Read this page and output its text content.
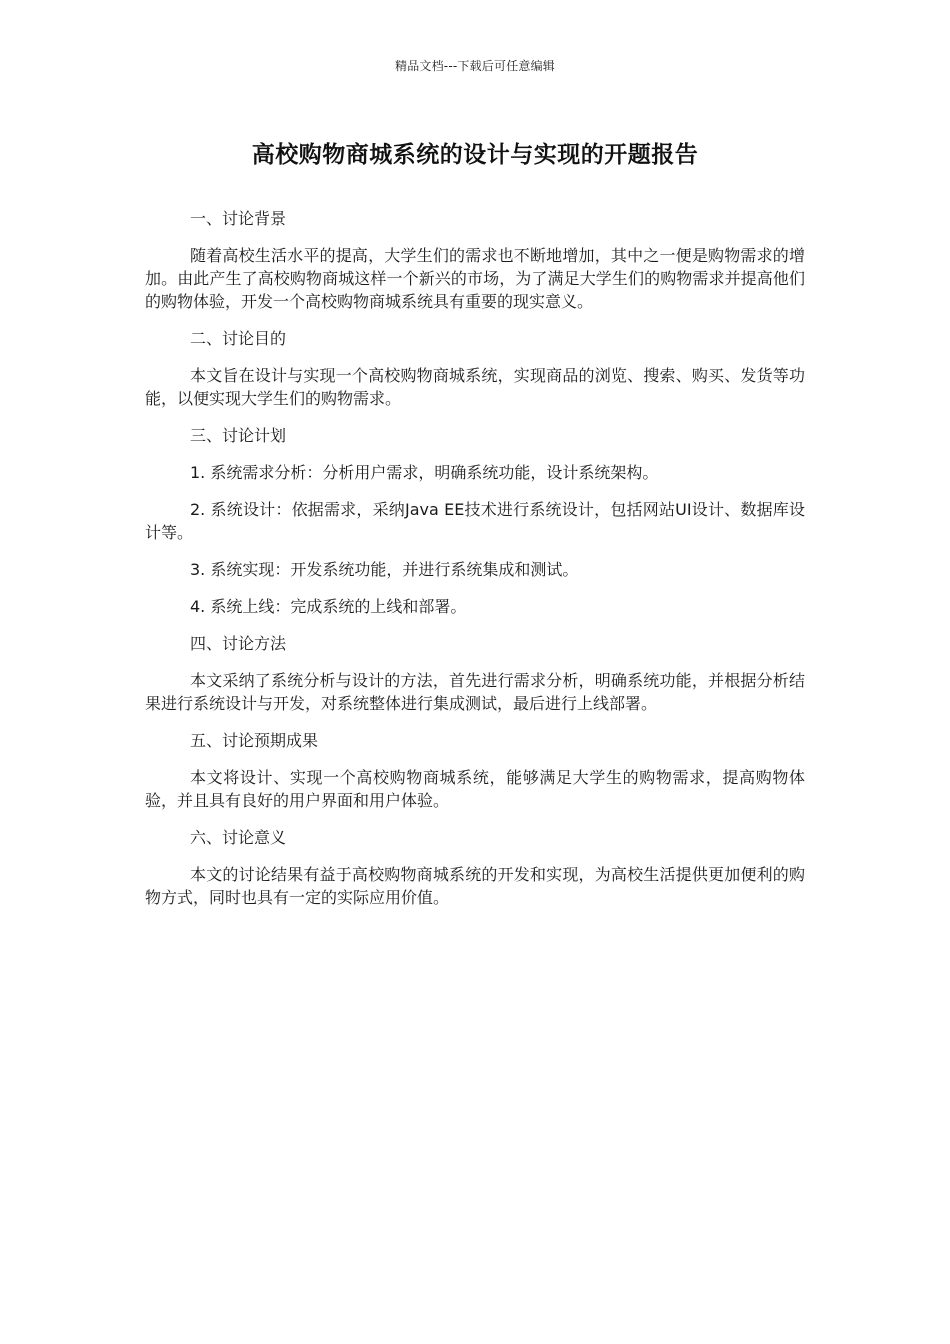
精品文档---下载后可任意编辑
高校购物商城系统的设计与实现的开题报告

一、讨论背景

随着高校生活水平的提高，大学生们的需求也不断地增加，其中之一便是购物需求的增加。由此产生了高校购物商城这样一个新兴的市场，为了满足大学生们的购物需求并提高他们的购物体验，开发一个高校购物商城系统具有重要的现实意义。

二、讨论目的

本文旨在设计与实现一个高校购物商城系统，实现商品的浏览、搜索、购买、发货等功能，以便实现大学生们的购物需求。

三、讨论计划

1. 系统需求分析：分析用户需求，明确系统功能，设计系统架构。

2. 系统设计：依据需求，采纳Java EE技术进行系统设计，包括网站UI设计、数据库设计等。

3. 系统实现：开发系统功能，并进行系统集成和测试。

4. 系统上线：完成系统的上线和部署。

四、讨论方法

本文采纳了系统分析与设计的方法，首先进行需求分析，明确系统功能，并根据分析结果进行系统设计与开发，对系统整体进行集成测试，最后进行上线部署。

五、讨论预期成果

本文将设计、实现一个高校购物商城系统，能够满足大学生的购物需求，提高购物体验，并且具有良好的用户界面和用户体验。

六、讨论意义

本文的讨论结果有益于高校购物商城系统的开发和实现，为高校生活提供更加便利的购物方式，同时也具有一定的实际应用价值。
